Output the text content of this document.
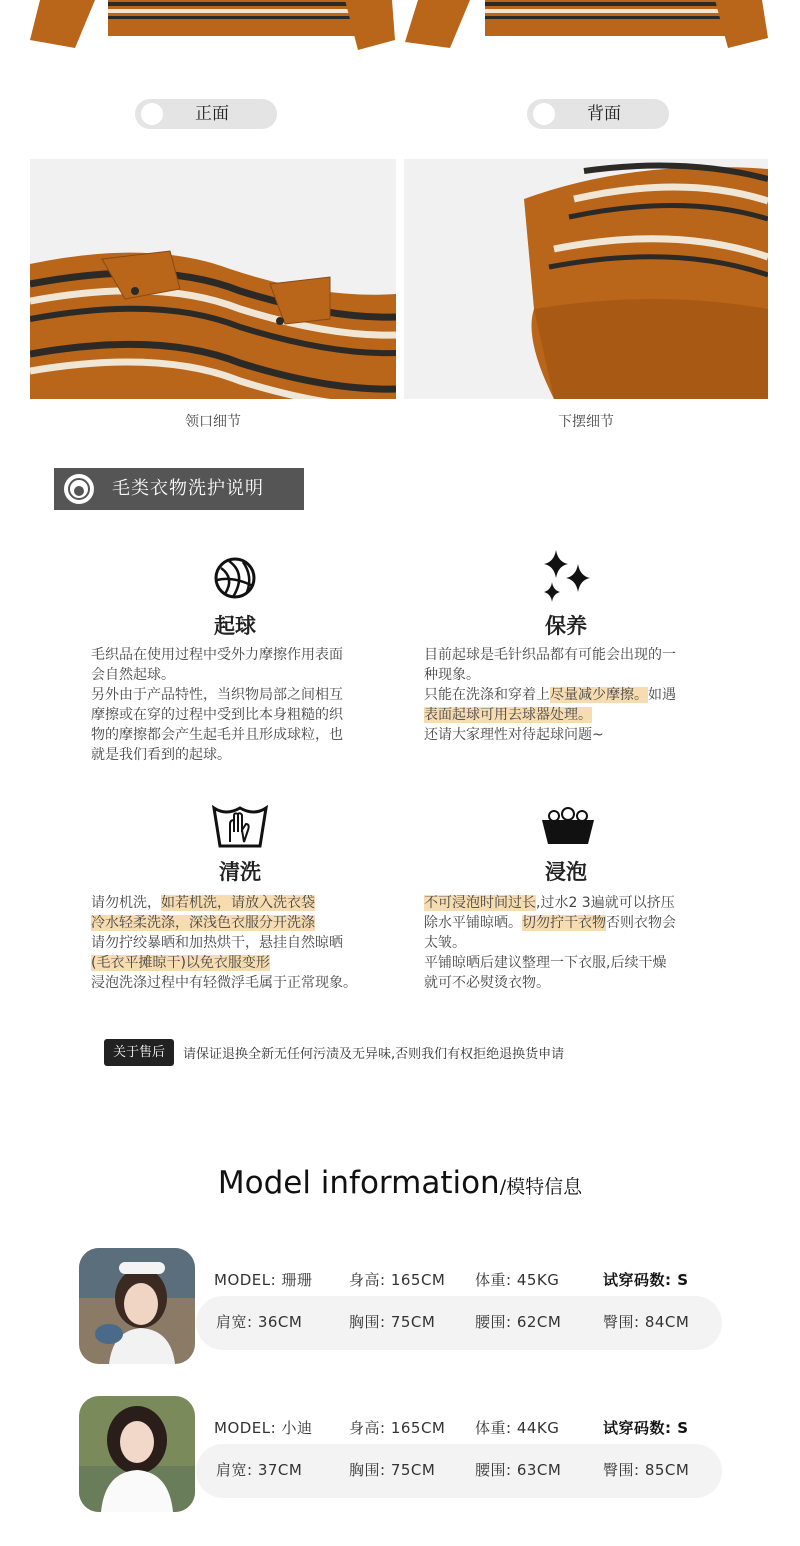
正面	背面
领口细节	下摆细节
毛类衣物洗护说明
起球
毛织品在使用过程中受外力摩擦作用表面
会自然起球。
另外由于产品特性，当织物局部之间相互
摩擦或在穿的过程中受到比本身粗糙的织
物的摩擦都会产生起毛并且形成球粒，也
就是我们看到的起球。
保养
目前起球是毛针织品都有可能会出现的一
种现象。
只能在洗涤和穿着上尽量减少摩擦。如遇
表面起球可用去球器处理。
还请大家理性对待起球问题~
清洗
请勿机洗，如若机洗，请放入洗衣袋
冷水轻柔洗涤，深浅色衣服分开洗涤
请勿拧绞暴晒和加热烘干，悬挂自然晾晒
(毛衣平摊晾干)以免衣服变形
浸泡洗涤过程中有轻微浮毛属于正常现象。
浸泡
不可浸泡时间过长,过水2 3遍就可以挤压
除水平铺晾晒。切勿拧干衣物否则衣物会
太皱。
平铺晾晒后建议整理一下衣服,后续干燥
就可不必熨烫衣物。
关于售后	请保证退换全新无任何污渍及无异味,否则我们有权拒绝退换货申请
Model information/模特信息
MODEL: 珊珊 身高: 165CM 体重: 45KG	试穿码数: S
肩宽: 36CM	胸围: 75CM	腰围: 62CM	臀围: 84CM
MODEL: 小迪 身高: 165CM 体重: 44KG	试穿码数: S
肩宽: 37CM	胸围: 75CM	腰围: 63CM	臀围: 85CM
